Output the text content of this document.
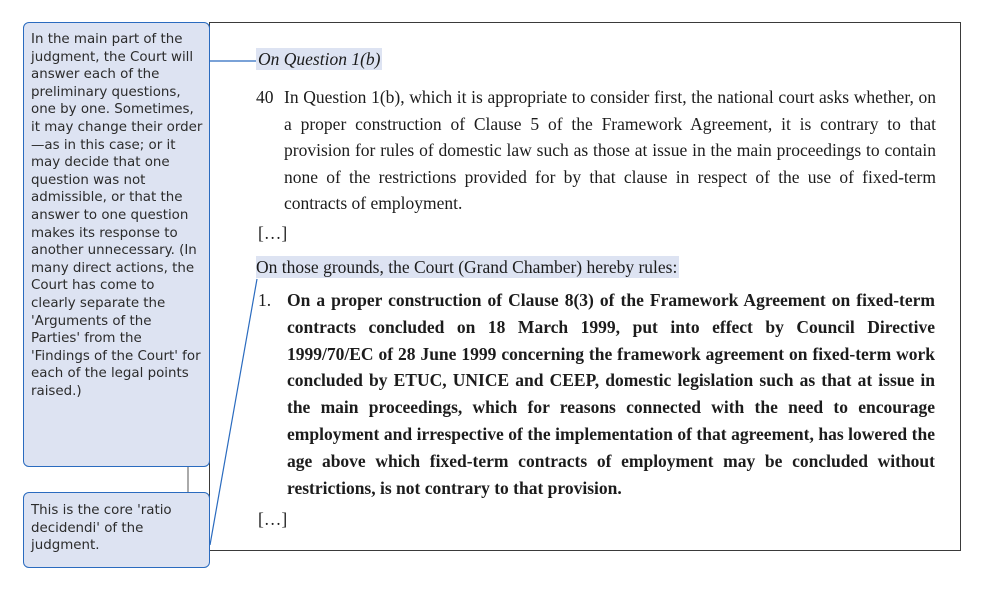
In the main part of the judgment, the Court will answer each of the preliminary questions, one by one. Sometimes, it may change their order—as in this case; or it may decide that one question was not admissible, or that the answer to one question makes its response to another unnecessary. (In many direct actions, the Court has come to clearly separate the 'Arguments of the Parties' from the 'Findings of the Court' for each of the legal points raised.)

This is the core 'ratio decidendi' of the judgment.

On Question 1(b)
40 In Question 1(b), which it is appropriate to consider first, the national court asks whether, on a proper construction of Clause 5 of the Framework Agreement, it is contrary to that provision for rules of domestic law such as those at issue in the main proceedings to contain none of the restrictions provided for by that clause in respect of the use of fixed-term contracts of employment.
[…]
On those grounds, the Court (Grand Chamber) hereby rules:
1. On a proper construction of Clause 8(3) of the Framework Agreement on fixed-term contracts concluded on 18 March 1999, put into effect by Council Directive 1999/70/EC of 28 June 1999 concerning the framework agreement on fixed-term work concluded by ETUC, UNICE and CEEP, domestic legislation such as that at issue in the main proceedings, which for reasons connected with the need to encourage employment and irrespective of the implementation of that agreement, has lowered the age above which fixed-term contracts of employment may be concluded without restrictions, is not contrary to that provision.
[…]
